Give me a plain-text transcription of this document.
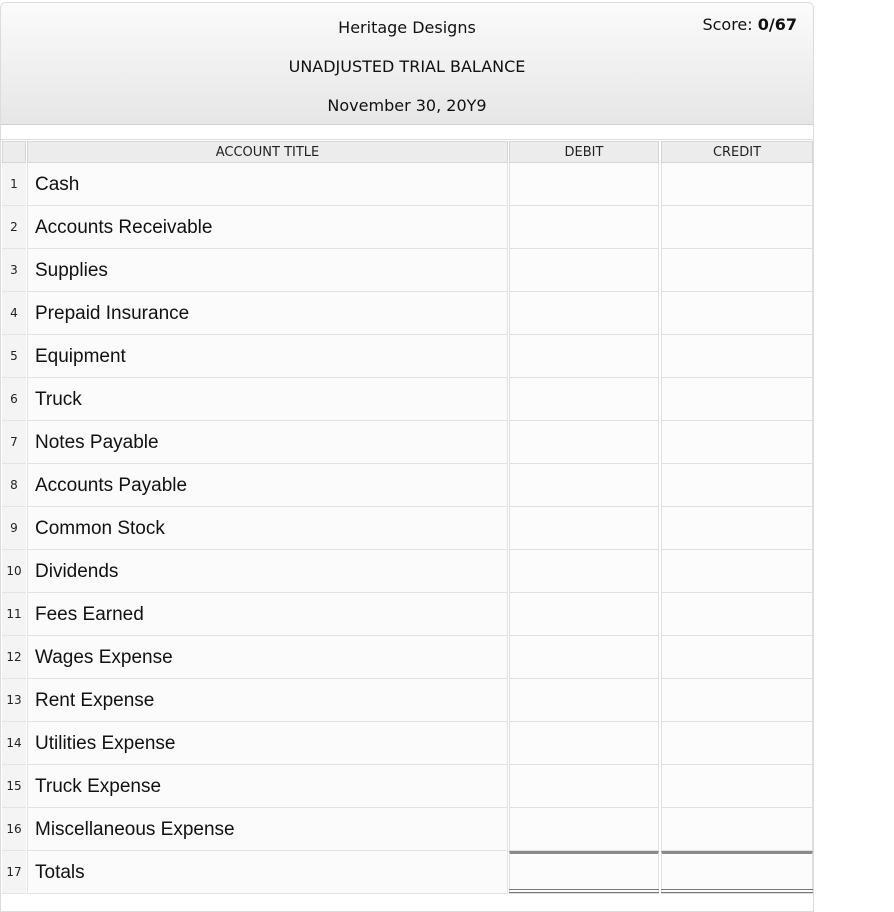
Heritage Designs
UNADJUSTED TRIAL BALANCE
November 30, 20Y9
Score: 0/67
ACCOUNT TITLE	DEBIT	CREDIT
1 Cash
2 Accounts Receivable
3 Supplies
4 Prepaid Insurance
5 Equipment
6 Truck
7 Notes Payable
8 Accounts Payable
9 Common Stock
10 Dividends
11 Fees Earned
12 Wages Expense
13 Rent Expense
14 Utilities Expense
15 Truck Expense
16 Miscellaneous Expense
17 Totals
